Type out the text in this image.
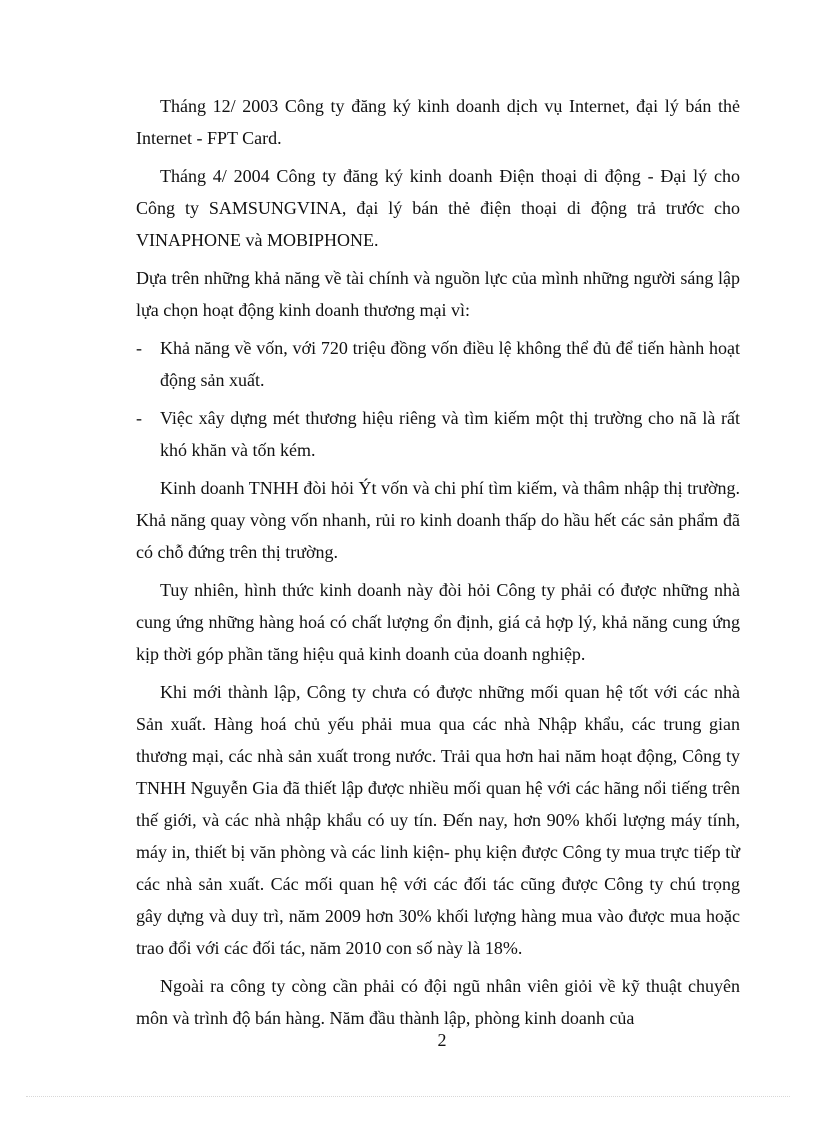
Tháng 12/ 2003 Công ty đăng ký kinh doanh dịch vụ Internet, đại lý bán thẻ Internet - FPT Card.

Tháng 4/ 2004 Công ty đăng ký kinh doanh Điện thoại di động - Đại lý cho Công ty SAMSUNGVINA, đại lý bán thẻ điện thoại di động trả trước cho VINAPHONE và MOBIPHONE.

Dựa trên những khả năng về tài chính và nguồn lực của mình những người sáng lập lựa chọn hoạt động kinh doanh thương mại vì:

- Khả năng về vốn, với 720 triệu đồng vốn điều lệ không thể đủ để tiến hành hoạt động sản xuất.
- Việc xây dựng mét thương hiệu riêng và tìm kiếm một thị trường cho nã là rất khó khăn và tốn kém.

Kinh doanh TNHH đòi hỏi Ýt vốn và chi phí tìm kiếm, và thâm nhập thị trường. Khả năng quay vòng vốn nhanh, rủi ro kinh doanh thấp do hầu hết các sản phẩm đã có chỗ đứng trên thị trường.

Tuy nhiên, hình thức kinh doanh này đòi hỏi Công ty phải có được những nhà cung ứng những hàng hoá có chất lượng ổn định, giá cả hợp lý, khả năng cung ứng kịp thời góp phần tăng hiệu quả kinh doanh của doanh nghiệp.

Khi mới thành lập, Công ty chưa có được những mối quan hệ tốt với các nhà Sản xuất. Hàng hoá chủ yếu phải mua qua các nhà Nhập khẩu, các trung gian thương mại, các nhà sản xuất trong nước. Trải qua hơn hai năm hoạt động, Công ty TNHH Nguyễn Gia đã thiết lập được nhiều mối quan hệ với các hãng nổi tiếng trên thế giới, và các nhà nhập khẩu có uy tín. Đến nay, hơn 90% khối lượng máy tính, máy in, thiết bị văn phòng và các linh kiện- phụ kiện được Công ty mua trực tiếp từ các nhà sản xuất. Các mối quan hệ với các đối tác cũng được Công ty chú trọng gây dựng và duy trì, năm 2009 hơn 30% khối lượng hàng mua vào được mua hoặc trao đổi với các đối tác, năm 2010 con số này là 18%.

Ngoài ra công ty còng cần phải có đội ngũ nhân viên giỏi về kỹ thuật chuyên môn và trình độ bán hàng. Năm đầu thành lập, phòng kinh doanh của

2
